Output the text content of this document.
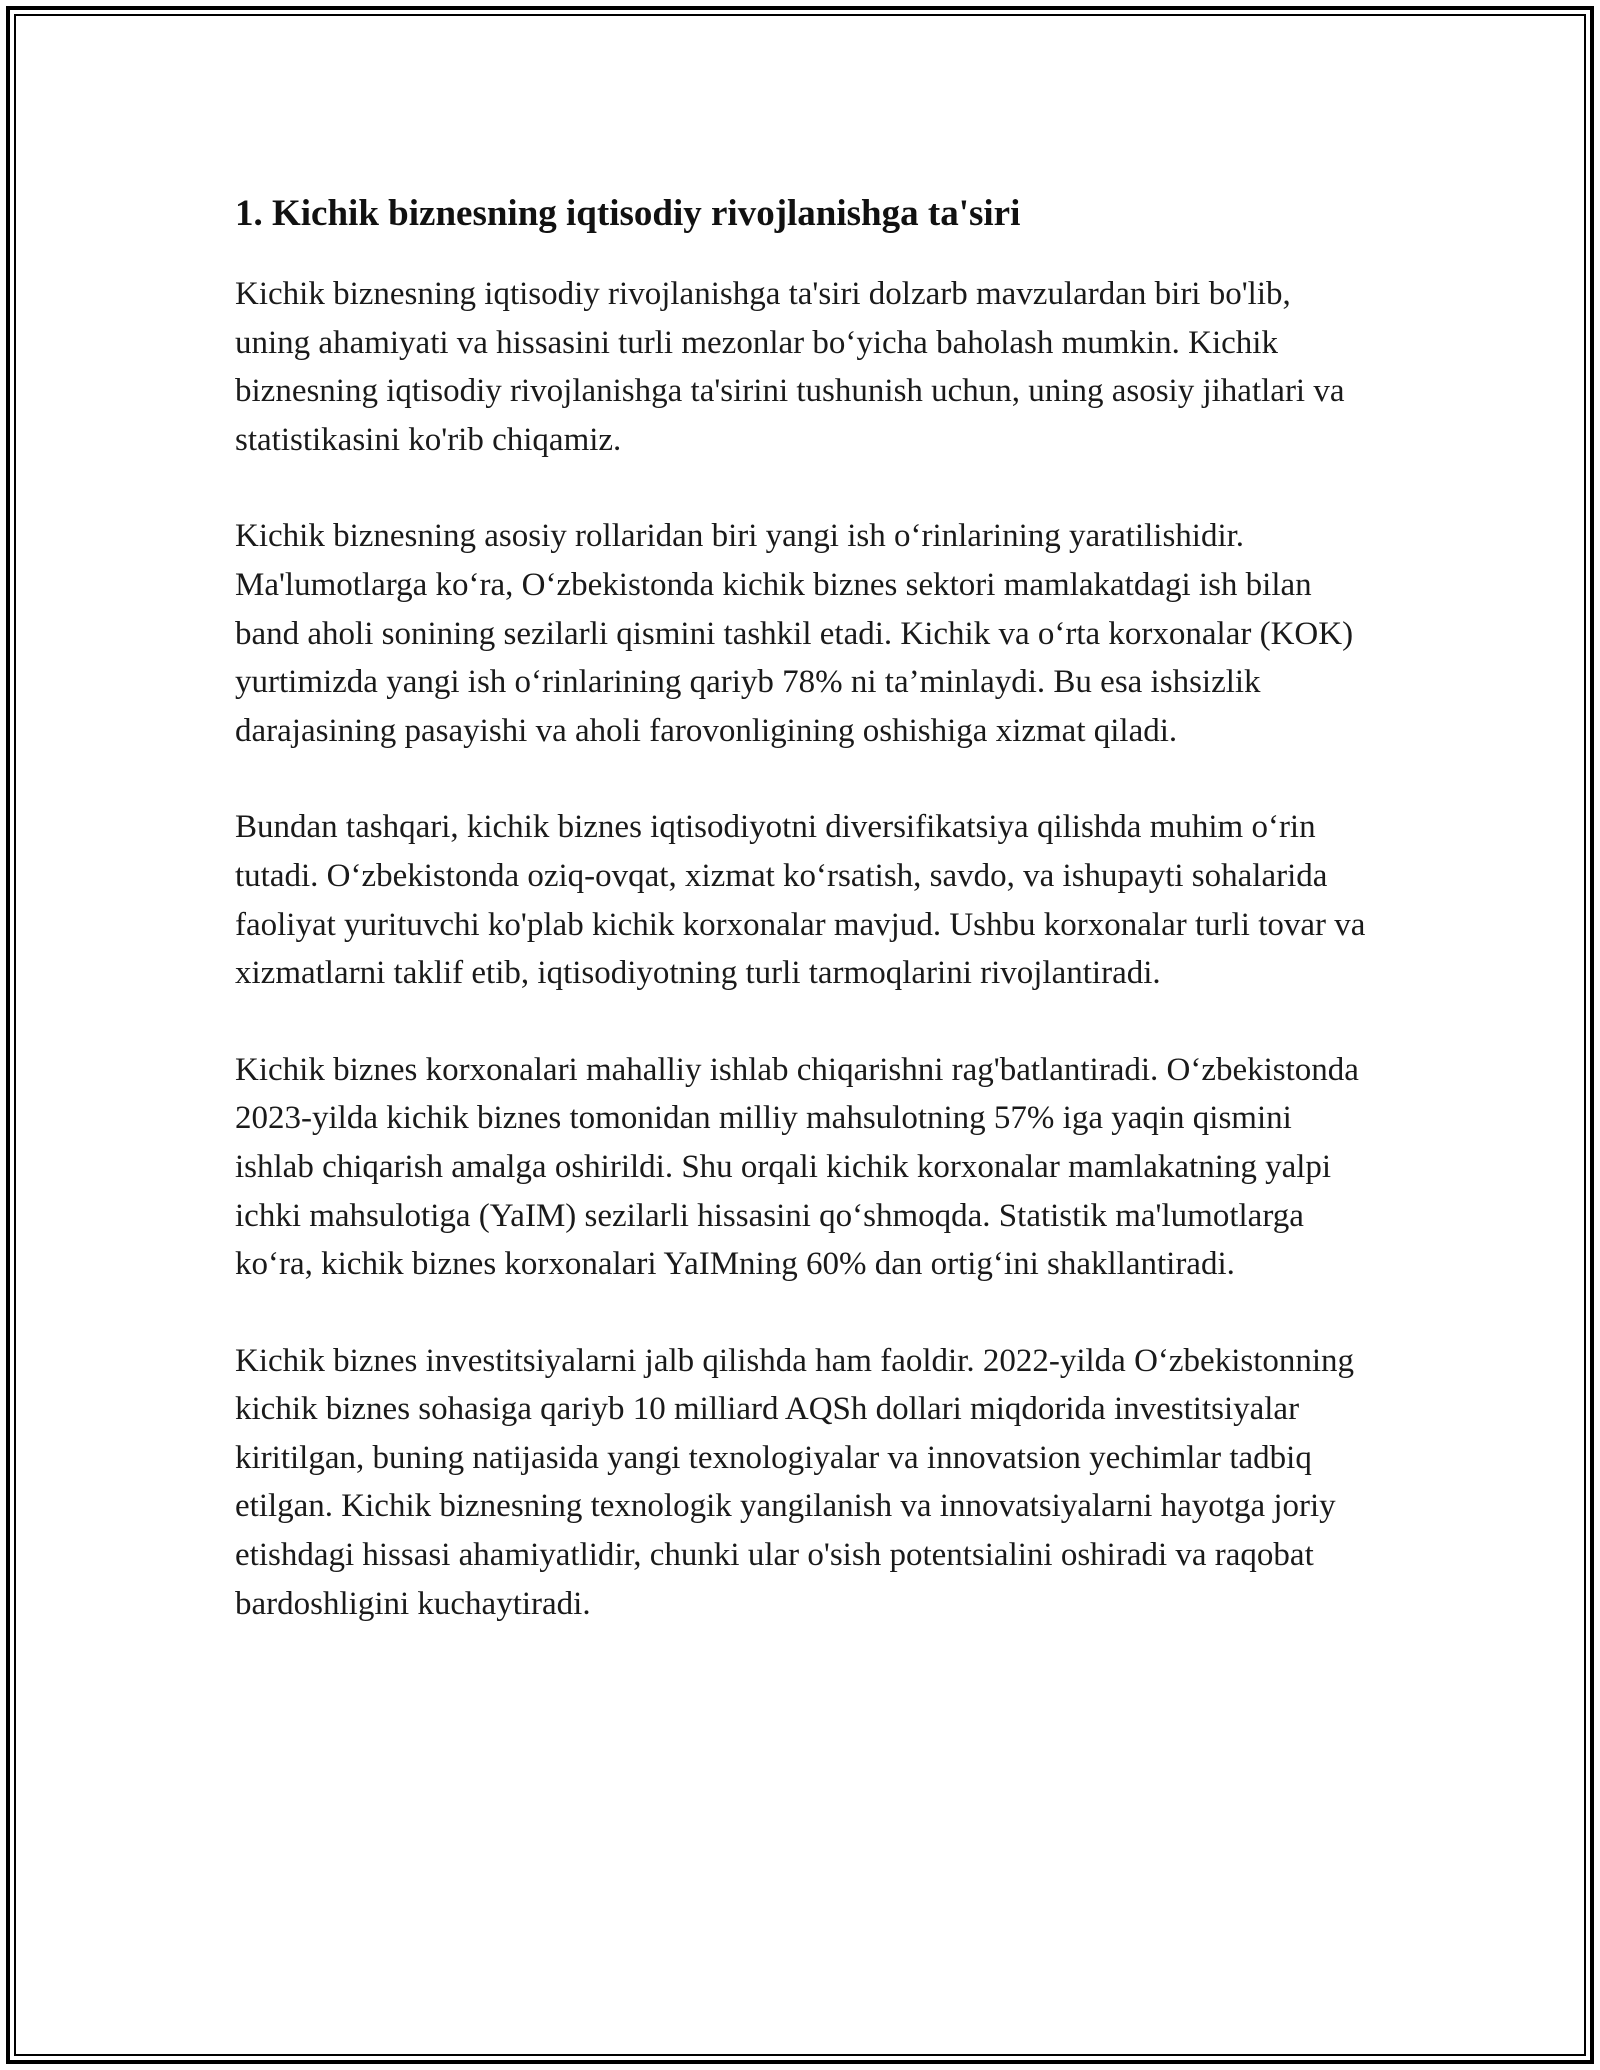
1. Kichik biznesning iqtisodiy rivojlanishga ta'siri

Kichik biznesning iqtisodiy rivojlanishga ta'siri dolzarb mavzulardan biri bo'lib, uning ahamiyati va hissasini turli mezonlar bo‘yicha baholash mumkin. Kichik biznesning iqtisodiy rivojlanishga ta'sirini tushunish uchun, uning asosiy jihatlari va statistikasini ko'rib chiqamiz.

Kichik biznesning asosiy rollaridan biri yangi ish o‘rinlarining yaratilishidir. Ma'lumotlarga ko‘ra, O‘zbekistonda kichik biznes sektori mamlakatdagi ish bilan band aholi sonining sezilarli qismini tashkil etadi. Kichik va o‘rta korxonalar (KOK) yurtimizda yangi ish o‘rinlarining qariyb 78% ni ta’minlaydi. Bu esa ishsizlik darajasining pasayishi va aholi farovonligining oshishiga xizmat qiladi.

Bundan tashqari, kichik biznes iqtisodiyotni diversifikatsiya qilishda muhim o‘rin tutadi. O‘zbekistonda oziq-ovqat, xizmat ko‘rsatish, savdo, va ishupayti sohalarida faoliyat yurituvchi ko'plab kichik korxonalar mavjud. Ushbu korxonalar turli tovar va xizmatlarni taklif etib, iqtisodiyotning turli tarmoqlarini rivojlantiradi.

Kichik biznes korxonalari mahalliy ishlab chiqarishni rag'batlantiradi. O‘zbekistonda 2023-yilda kichik biznes tomonidan milliy mahsulotning 57% iga yaqin qismini ishlab chiqarish amalga oshirildi. Shu orqali kichik korxonalar mamlakatning yalpi ichki mahsulotiga (YaIM) sezilarli hissasini qo‘shmoqda. Statistik ma'lumotlarga ko‘ra, kichik biznes korxonalari YaIMning 60% dan ortig‘ini shakllantiradi.

Kichik biznes investitsiyalarni jalb qilishda ham faoldir. 2022-yilda O‘zbekistonning kichik biznes sohasiga qariyb 10 milliard AQSh dollari miqdorida investitsiyalar kiritilgan, buning natijasida yangi texnologiyalar va innovatsion yechimlar tadbiq etilgan. Kichik biznesning texnologik yangilanish va innovatsiyalarni hayotga joriy etishdagi hissasi ahamiyatlidir, chunki ular o'sish potentsialini oshiradi va raqobat bardoshligini kuchaytiradi.
